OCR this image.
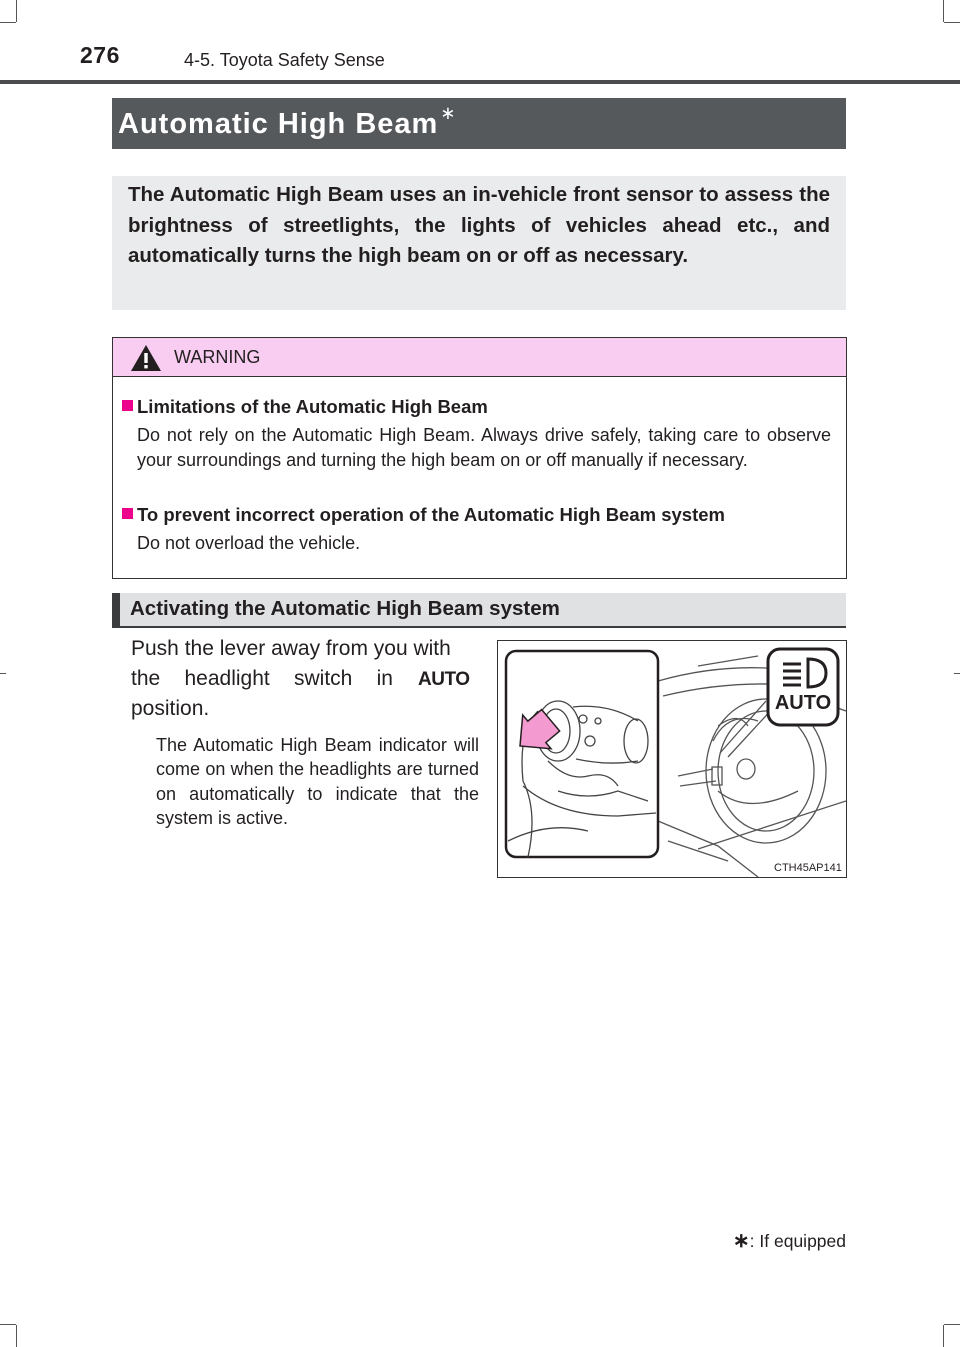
276	4-5. Toyota Safety Sense
Automatic High Beam ∗
The Automatic High Beam uses an in-vehicle front sensor to assess the brightness of streetlights, the lights of vehicles ahead etc., and automatically turns the high beam on or off as necessary.
WARNING
Limitations of the Automatic High Beam
Do not rely on the Automatic High Beam. Always drive safely, taking care to observe your surroundings and turning the high beam on or off manually if necessary.
To prevent incorrect operation of the Automatic High Beam system
Do not overload the vehicle.
Activating the Automatic High Beam system
Push the lever away from you with
the headlight switch in AUTO
position.
The Automatic High Beam indicator will come on when the headlights are turned on automatically to indicate that the system is active.
AUTO
CTH45AP141
∗: If equipped
